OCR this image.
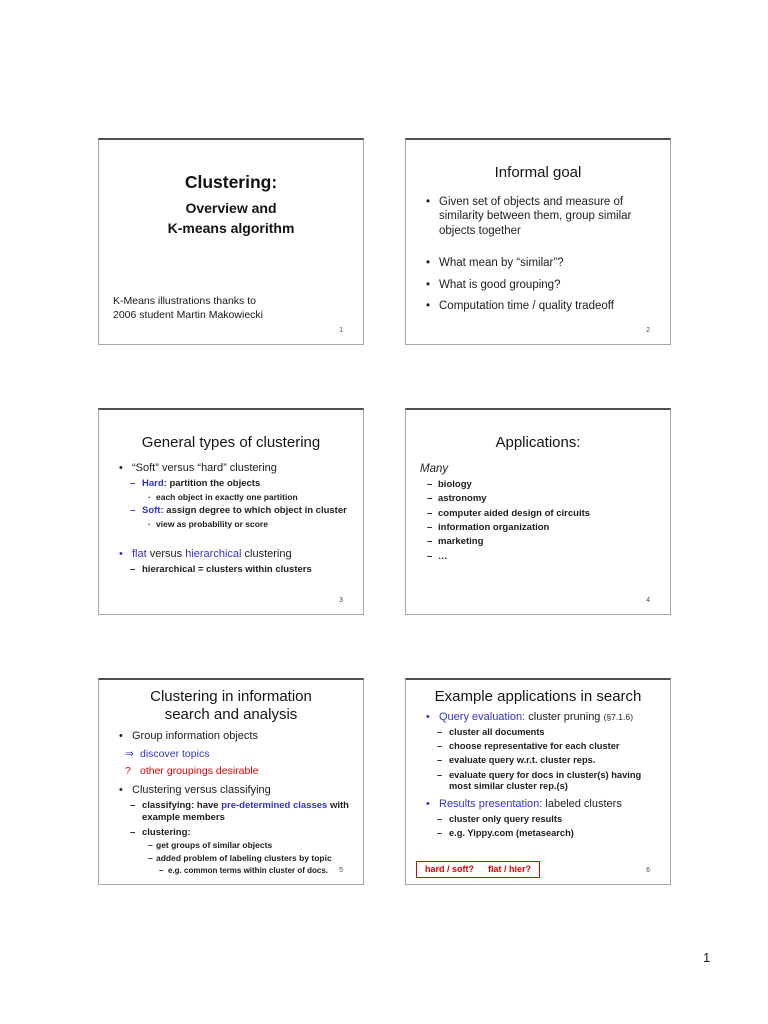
Clustering:
Overview and
K-means algorithm
K-Means illustrations thanks to
2006 student Martin Makowiecki
1
Informal goal
• Given set of objects and measure of similarity between them, group similar objects together
• What mean by “similar”?
• What is good grouping?
• Computation time / quality tradeoff
2
General types of clustering
• “Soft” versus “hard” clustering
– Hard: partition the objects
· each object in exactly one partition
– Soft: assign degree to which object in cluster
· view as probability or score
• flat versus hierarchical clustering
– hierarchical = clusters within clusters
3
Applications:
Many
– biology
– astronomy
– computer aided design of circuits
– information organization
– marketing
– …
4
Clustering in information
search and analysis
• Group information objects
⇒ discover topics
? other groupings desirable
• Clustering versus classifying
– classifying: have pre-determined classes with example members
– clustering:
– get groups of similar objects
– added problem of labeling clusters by topic
– e.g. common terms within cluster of docs.	5
Example applications in search
• Query evaluation: cluster pruning (§7.1.6)
– cluster all documents
– choose representative for each cluster
– evaluate query w.r.t. cluster reps.
– evaluate query for docs in cluster(s) having most similar cluster rep.(s)
• Results presentation: labeled clusters
– cluster only query results
– e.g. Yippy.com (metasearch)
hard / soft? flat / hier?	6
1
